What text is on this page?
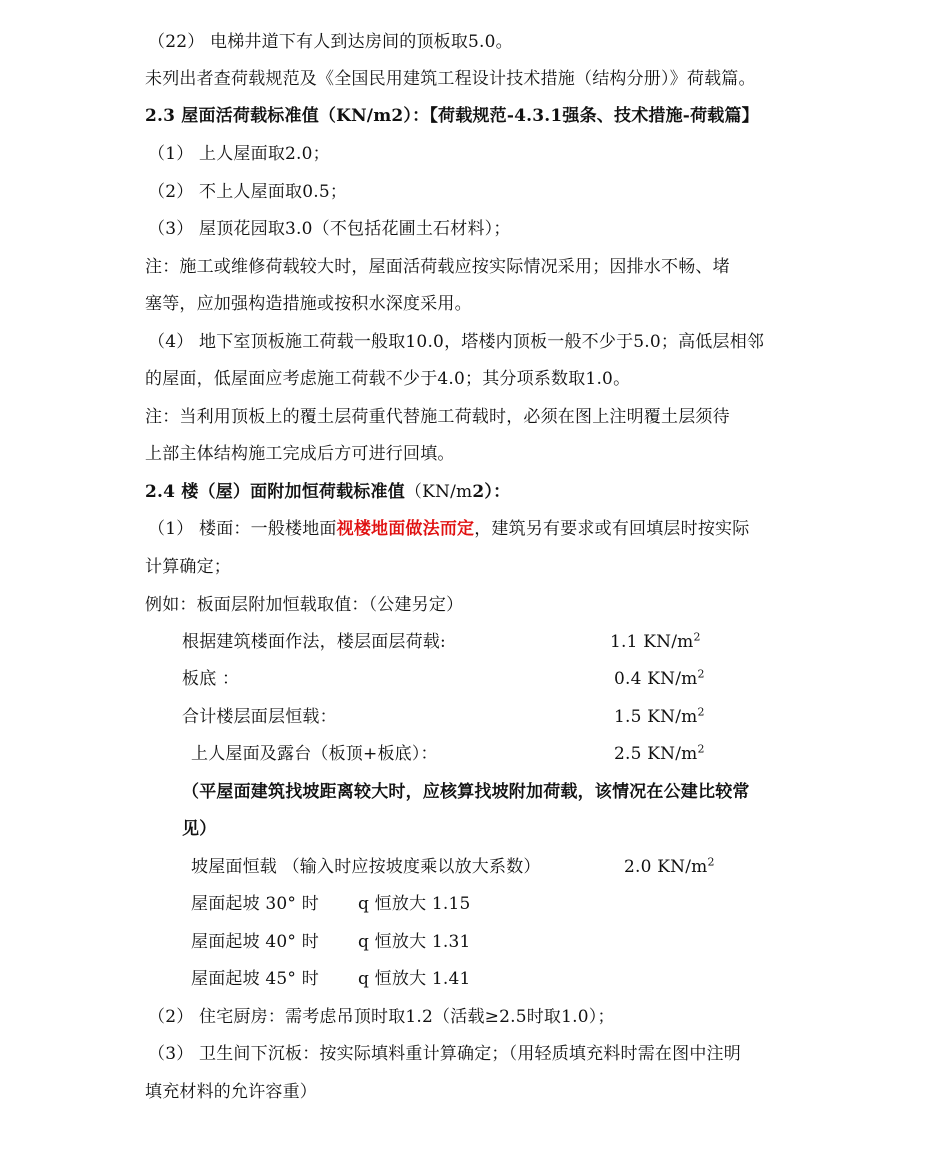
（22） 电梯井道下有人到达房间的顶板取5.0。
未列出者查荷载规范及《全国民用建筑工程设计技术措施（结构分册）》荷载篇。
2.3 屋面活荷载标准值（KN/m2）：【荷载规范-4.3.1强条、技术措施-荷载篇】
（1） 上人屋面取2.0；
（2） 不上人屋面取0.5；
（3） 屋顶花园取3.0（不包括花圃土石材料）；
注：施工或维修荷载较大时，屋面活荷载应按实际情况采用；因排水不畅、堵
塞等，应加强构造措施或按积水深度采用。
（4） 地下室顶板施工荷载一般取10.0，塔楼内顶板一般不少于5.0；高低层相邻
的屋面，低屋面应考虑施工荷载不少于4.0；其分项系数取1.0。
注：当利用顶板上的覆土层荷重代替施工荷载时，必须在图上注明覆土层须待
上部主体结构施工完成后方可进行回填。
2.4 楼（屋）面附加恒荷载标准值（KN/m2）：
（1） 楼面：一般楼地面视楼地面做法而定，建筑另有要求或有回填层时按实际
计算确定；
例如：板面层附加恒载取值：（公建另定）
根据建筑楼面作法，楼层面层荷载:	1.1 $KN/m^2$
板底 ：	0.4 $KN/m^2$
合计楼层面层恒载：	1.5 $KN/m^2$
上人屋面及露台（板顶+板底）：	2.5 $KN/m^2$
（平屋面建筑找坡距离较大时，应核算找坡附加荷载，该情况在公建比较常
见）
坡屋面恒载 （输入时应按坡度乘以放大系数）	2.0 $KN/m^2$
屋面起坡 30° 时 q 恒放大 1.15
屋面起坡 40° 时 q 恒放大 1.31
屋面起坡 45° 时 q 恒放大 1.41
（2） 住宅厨房：需考虑吊顶时取1.2（活载≥2.5时取1.0）；
（3） 卫生间下沉板：按实际填料重计算确定；（用轻质填充料时需在图中注明
填充材料的允许容重）
